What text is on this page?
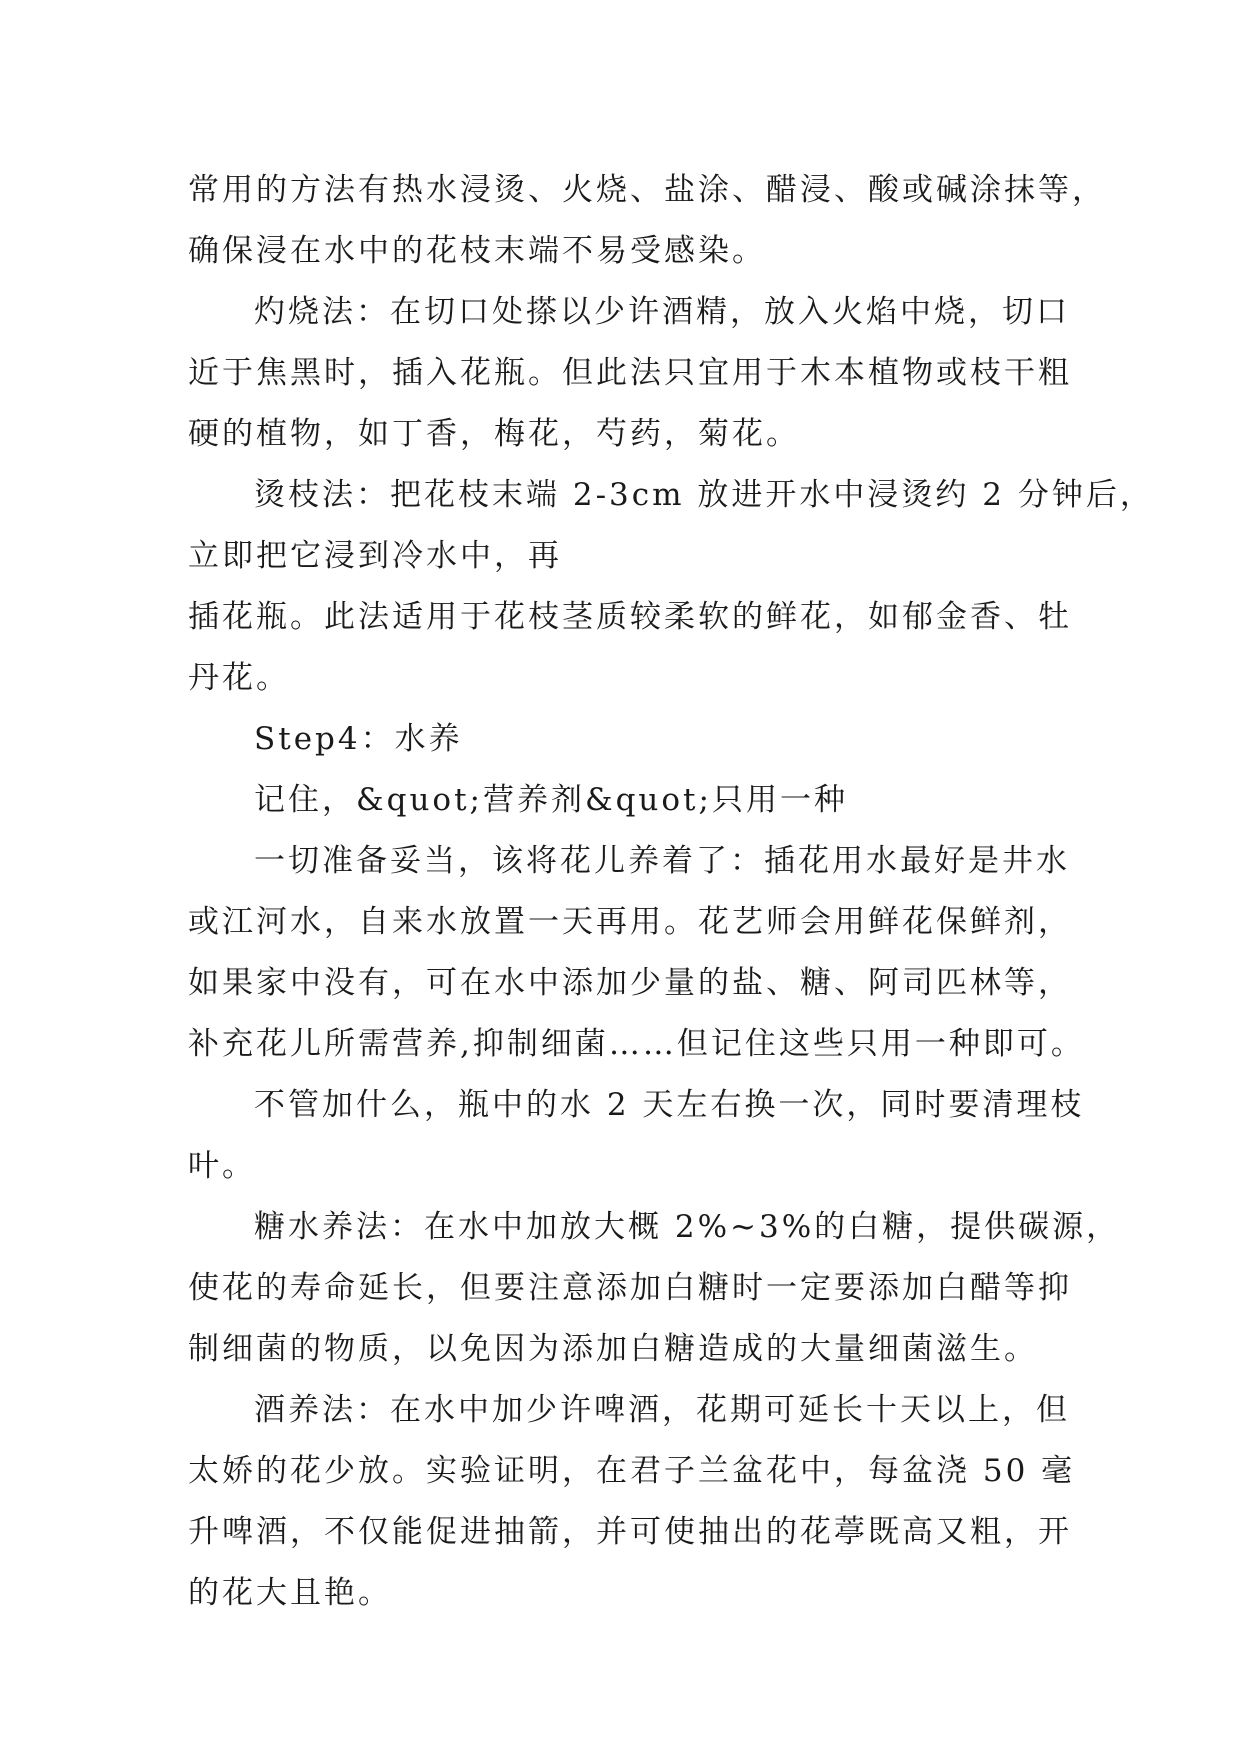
常用的方法有热水浸烫、火烧、盐涂、醋浸、酸或碱涂抹等，
确保浸在水中的花枝末端不易受感染。
灼烧法：在切口处搽以少许酒精，放入火焰中烧，切口
近于焦黑时，插入花瓶。但此法只宜用于木本植物或枝干粗
硬的植物，如丁香，梅花，芍药，菊花。
烫枝法：把花枝末端 2-3cm 放进开水中浸烫约 2 分钟后，
立即把它浸到冷水中，再
插花瓶。此法适用于花枝茎质较柔软的鲜花，如郁金香、牡
丹花。
Step4：水养
记住，&quot;营养剂&quot;只用一种
一切准备妥当，该将花儿养着了：插花用水最好是井水
或江河水，自来水放置一天再用。花艺师会用鲜花保鲜剂，
如果家中没有，可在水中添加少量的盐、糖、阿司匹林等，
补充花儿所需营养,抑制细菌……但记住这些只用一种即可。
不管加什么，瓶中的水 2 天左右换一次，同时要清理枝
叶。
糖水养法：在水中加放大概 2%~3%的白糖，提供碳源，
使花的寿命延长，但要注意添加白糖时一定要添加白醋等抑
制细菌的物质，以免因为添加白糖造成的大量细菌滋生。
酒养法：在水中加少许啤酒，花期可延长十天以上，但
太娇的花少放。实验证明，在君子兰盆花中，每盆浇 50 毫
升啤酒，不仅能促进抽箭，并可使抽出的花葶既高又粗，开
的花大且艳。
